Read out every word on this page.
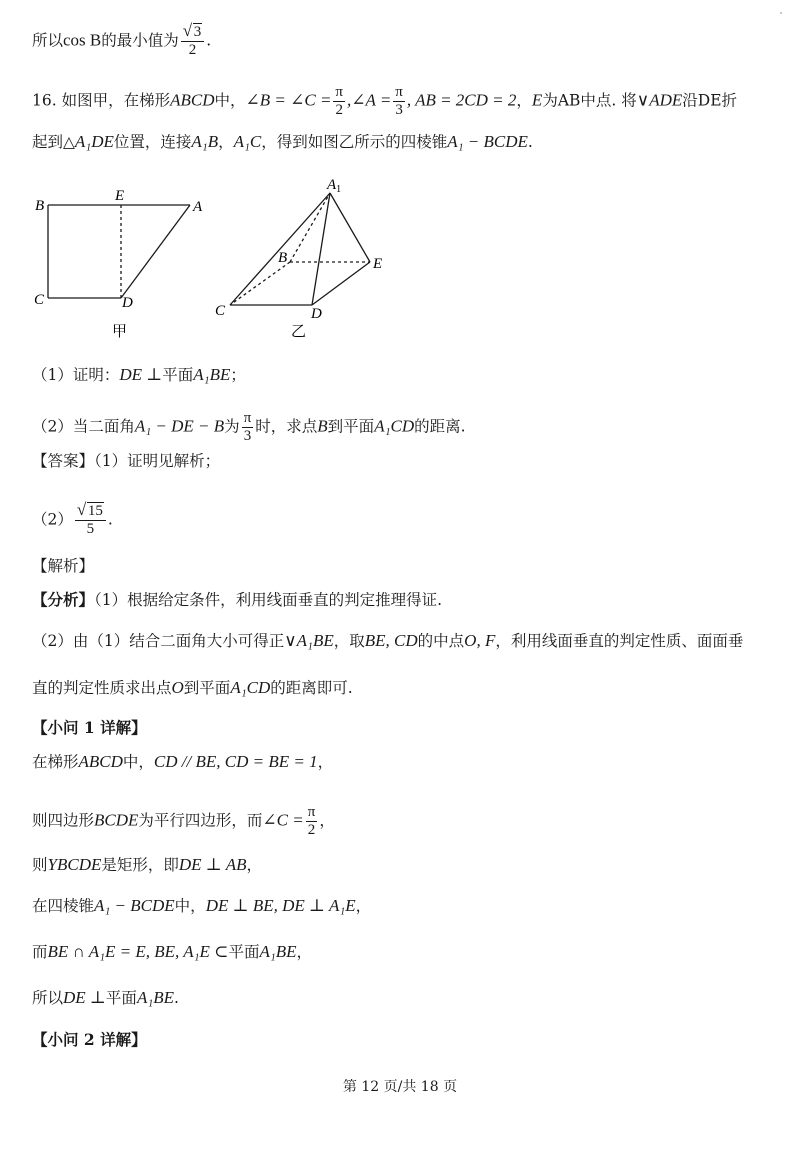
所以cos B的最小值为 √ $\frac{3}{2}$ .
16. 如图甲，在梯形ABCD中，∠B = ∠C = $\frac{\pi}{2}$ ,∠A = $\frac{\pi}{3}$ , AB = 2CD = 2，E为AB中点. 将∨ADE沿DE折
起到△A₁DE位置，连接A₁B，A₁C，得到如图乙所示的四棱锥A₁ − BCDE.
B
E
A
C	D
甲
$A_1$
B	E
C	D
乙
（1）证明：DE ⊥平面A₁BE；
（2）当二面角A₁ − DE − B为 $\frac{\pi}{3}$ 时，求点B到平面A₁CD的距离.
【答案】（1）证明见解析；
（2） √ $\frac{15}{5}$ .
【解析】
【分析】（1）根据给定条件，利用线面垂直的判定推理得证.
（2）由（1）结合二面角大小可得正∨A₁BE，取BE, CD的中点O, F，利用线面垂直的判定性质、面面垂
直的判定性质求出点O到平面A₁CD的距离即可.
【小问 1 详解】
在梯形ABCD中，CD // BE, CD = BE = 1，
则四边形BCDE为平行四边形，而∠C = $\frac{\pi}{2}$ ，
则YBCDE是矩形，即DE ⊥ AB，
在四棱锥A₁ − BCDE中，DE ⊥ BE, DE ⊥ A₁E，
而BE ∩ A₁E = E, BE, A₁E ⊂平面A₁BE，
所以DE ⊥平面A₁BE.
【小问 2 详解】
第 12 页/共 18 页
